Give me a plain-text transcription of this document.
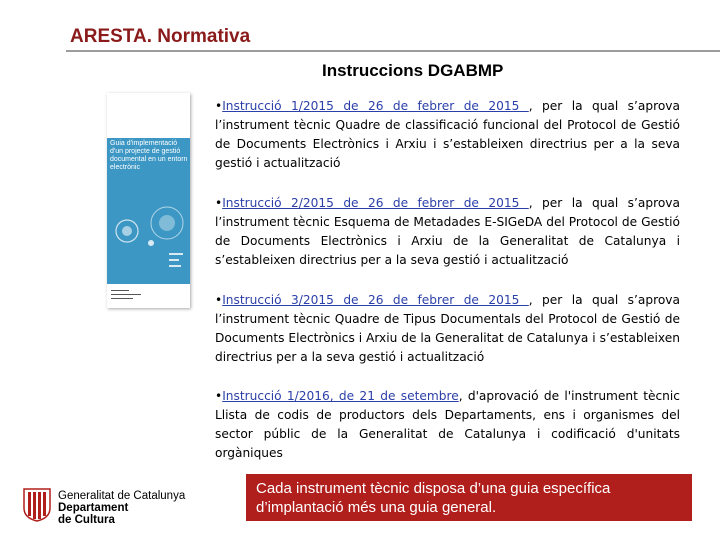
ARESTA. Normativa
Instruccions DGABMP
Guia d'implementació d'un projecte de gestió documental en un entorn electrònic
•Instrucció 1/2015 de 26 de febrer de 2015 , per la qual s’aprova l’instrument tècnic Quadre de classificació funcional del Protocol de Gestió de Documents Electrònics i Arxiu i s’estableixen directrius per a la seva gestió i actualització
•Instrucció 2/2015 de 26 de febrer de 2015 , per la qual s’aprova l’instrument tècnic Esquema de Metadades E-SIGeDA del Protocol de Gestió de Documents Electrònics i Arxiu de la Generalitat de Catalunya i s’estableixen directrius per a la seva gestió i actualització
•Instrucció 3/2015 de 26 de febrer de 2015 , per la qual s’aprova l’instrument tècnic Quadre de Tipus Documentals del Protocol de Gestió de Documents Electrònics i Arxiu de la Generalitat de Catalunya i s’estableixen directrius per a la seva gestió i actualització
•Instrucció 1/2016, de 21 de setembre, d'aprovació de l'instrument tècnic Llista de codis de productors dels Departaments, ens i organismes del sector públic de la Generalitat de Catalunya i codificació d'unitats orgàniques
Generalitat de Catalunya
Departament
de Cultura
Cada instrument tècnic disposa d’una guia específica d’implantació més una guia general.
